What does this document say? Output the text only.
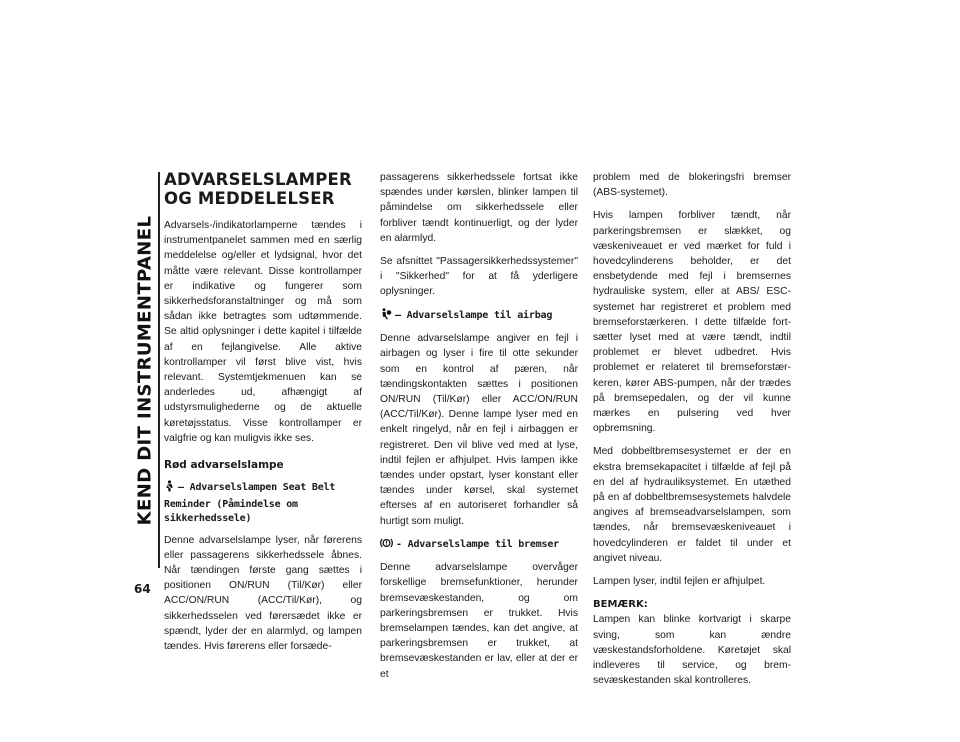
KEND DIT INSTRUMENTPANEL
64
ADVARSELSLAMPER OG MEDDELELSER

Advarsels-/indikatorlamperne tændes i instrumentpanelet sammen med en særlig meddelelse og/eller et lydsignal, hvor det måtte være relevant. Disse kontrollamper er indikative og fungerer som sikkerhedsforanstaltninger og må som sådan ikke betragtes som udtømmende. Se altid oplysninger i dette kapitel i tilfælde af en fejlangivelse. Alle aktive kontrollamper vil først blive vist, hvis relevant. Systemtjekmenuen kan se anderledes ud, afhængigt af udstyrsmulighederne og de aktuelle køretøjsstatus. Visse kontrollamper er valgfrie og kan muligvis ikke ses.

Rød advarselslampe
– Advarselslampen Seat Belt Reminder (Påmindelse om sikkerhedssele)

Denne advarselslampe lyser, når førerens eller passagerens sikkerhedssele åbnes. Når tændingen første gang sættes i positionen ON/RUN (Til/Kør) eller ACC/ON/RUN (ACC/Til/Kør), og sikkerhedsselen ved førersædet ikke er spændt, lyder der en alarmlyd, og lampen tændes. Hvis førerens eller forsæde-

passagerens sikkerhedssele fortsat ikke spændes under kørslen, blinker lampen til påmindelse om sikkerhedssele eller forbliver tændt kontinuerligt, og der lyder en alarmlyd.

Se afsnittet "Passagersikkerhedssystemer" i "Sikkerhed" for at få yderligere oplysninger.

– Advarselslampe til airbag

Denne advarselslampe angiver en fejl i airbagen og lyser i fire til otte sekunder som en kontrol af pæren, når tændingskontakten sættes i positionen ON/RUN (Til/Kør) eller ACC/ON/RUN (ACC/Til/Kør). Denne lampe lyser med en enkelt ringelyd, når en fejl i airbaggen er registreret. Den vil blive ved med at lyse, indtil fejlen er afhjulpet. Hvis lampen ikke tændes under opstart, lyser konstant eller tændes under kørsel, skal systemet efterses af en autoriseret forhandler så hurtigt som muligt.

- Advarselslampe til bremser

Denne advarselslampe overvåger forskellige bremsefunktioner, herunder bremsevæskestanden, og om parkeringsbremsen er trukket. Hvis bremselampen tændes, kan det angive, at parkeringsbremsen er trukket, at bremsevæskestanden er lav, eller at der er et

problem med de blokeringsfri bremser (ABS-systemet).

Hvis lampen forbliver tændt, når parkeringsbremsen er slækket, og væskeniveauet er ved mærket for fuld i hovedcylinderens beholder, er det ensbetydende med fejl i bremsernes hydrauliske system, eller at ABS/ ESC-systemet har registreret et problem med bremseforstærkeren. I dette tilfælde fortsætter lyset med at være tændt, indtil problemet er blevet udbedret. Hvis problemet er relateret til bremseforstærkeren, kører ABS-pumpen, når der trædes på bremsepedalen, og der vil kunne mærkes en pulsering ved hver opbremsning.

Med dobbeltbremsesystemet er der en ekstra bremsekapacitet i tilfælde af fejl på en del af hydrauliksystemet. En utæthed på en af dobbeltbremsesystemets halvdele angives af bremseadvarselslampen, som tændes, når bremsevæskeniveauet i hovedcylinderen er faldet til under et angivet niveau.

Lampen lyser, indtil fejlen er afhjulpet.

BEMÆRK:
Lampen kan blinke kortvarigt i skarpe sving, som kan ændre væskestandsforholdene. Køretøjet skal indleveres til service, og bremsevæskestanden skal kontrolleres.
